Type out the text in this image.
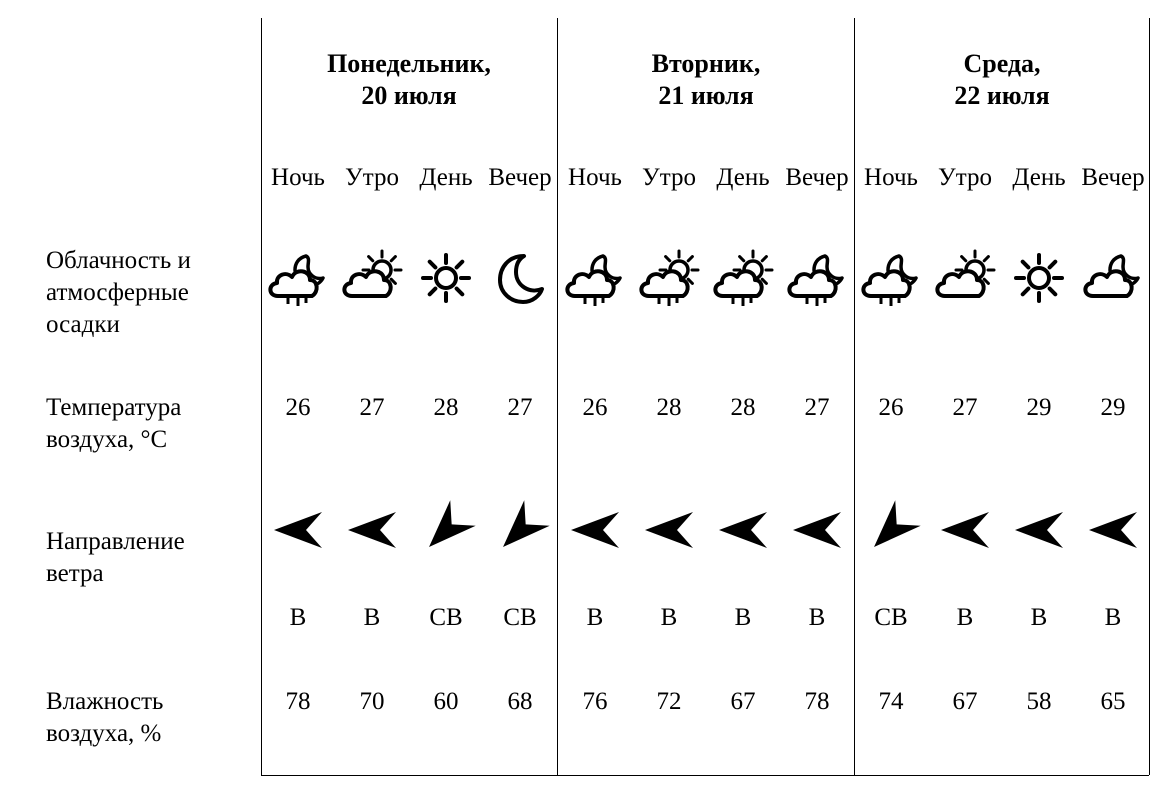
Облачность и
атмосферные
осадки
Температура
воздуха, °C
Направление
ветра
Влажность
воздуха, %
Понедельник,
20 июля
Ночь
26
В
78
Утро
27
В
70
День
28
СВ
60
Вечер
27
СВ
68
Вторник,
21 июля
Ночь
26
В
76
Утро
28
В
72
День
28
В
67
Вечер
27
В
78
Среда,
22 июля
Ночь
26
СВ
74
Утро
27
В
67
День
29
В
58
Вечер
29
В
65
